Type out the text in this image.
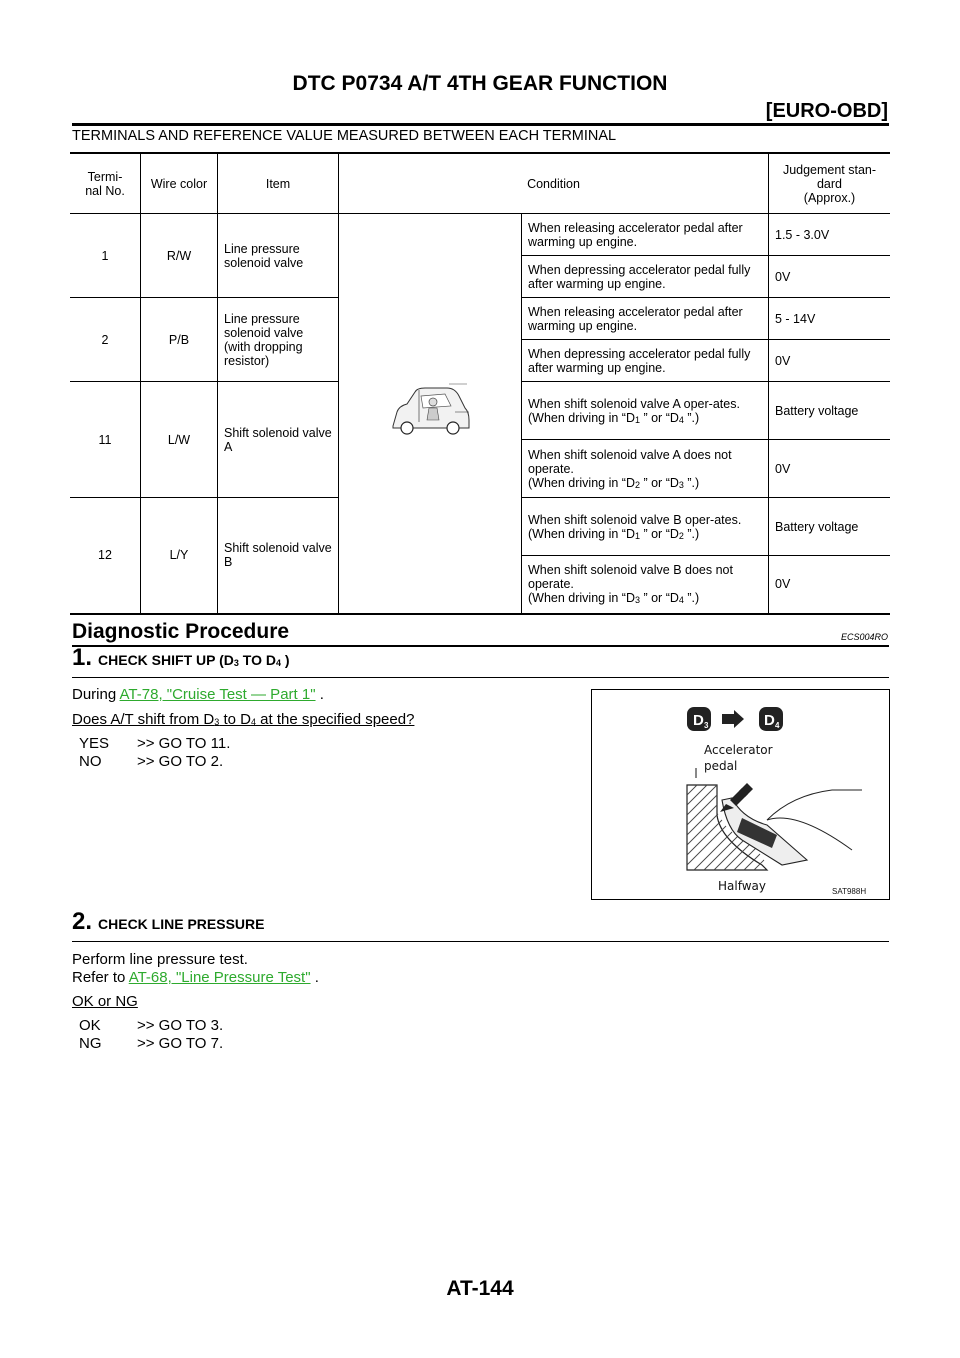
DTC P0734 A/T 4TH GEAR FUNCTION
[EURO-OBD]
TERMINALS AND REFERENCE VALUE MEASURED BETWEEN EACH TERMINAL
Termi-
nal No.	Wire color	Item	Condition		Judgement stan-
dard
(Approx.)
1	R/W	Line pressure solenoid valve		When releasing accelerator pedal after warming up engine.	1.5 - 3.0V
				When depressing accelerator pedal fully after warming up engine.	0V
2	P/B	Line pressure solenoid valve (with dropping resistor)		When releasing accelerator pedal after warming up engine.	5 - 14V
				When depressing accelerator pedal fully after warming up engine.	0V
11	L/W	Shift solenoid valve A		When shift solenoid valve A oper-ates.
(When driving in “$D_1$ ” or “$D_4$ ”.)	Battery voltage
				When shift solenoid valve A does not operate.
(When driving in “$D_2$ ” or “$D_3$ ”.)	0V
12	L/Y	Shift solenoid valve B		When shift solenoid valve B oper-ates.
(When driving in “$D_1$ ” or “$D_2$ ”.)	Battery voltage
				When shift solenoid valve B does not operate.
(When driving in “$D_3$ ” or “$D_4$ ”.)	0V
Diagnostic Procedure	ECS004RO
1. CHECK SHIFT UP ($D_3$ TO $D_4$ )
During AT-78, "Cruise Test — Part 1" .
Does A/T shift from $D_3$ to $D_4$ at the specified speed?
YES >> GO TO 11.
NO >> GO TO 2.
D 3	D 4
Accelerator
pedal
Halfway	SAT988H
2. CHECK LINE PRESSURE
Perform line pressure test.
Refer to AT-68, "Line Pressure Test" .
OK or NG
OK >> GO TO 3.
NG >> GO TO 7.
AT-144
